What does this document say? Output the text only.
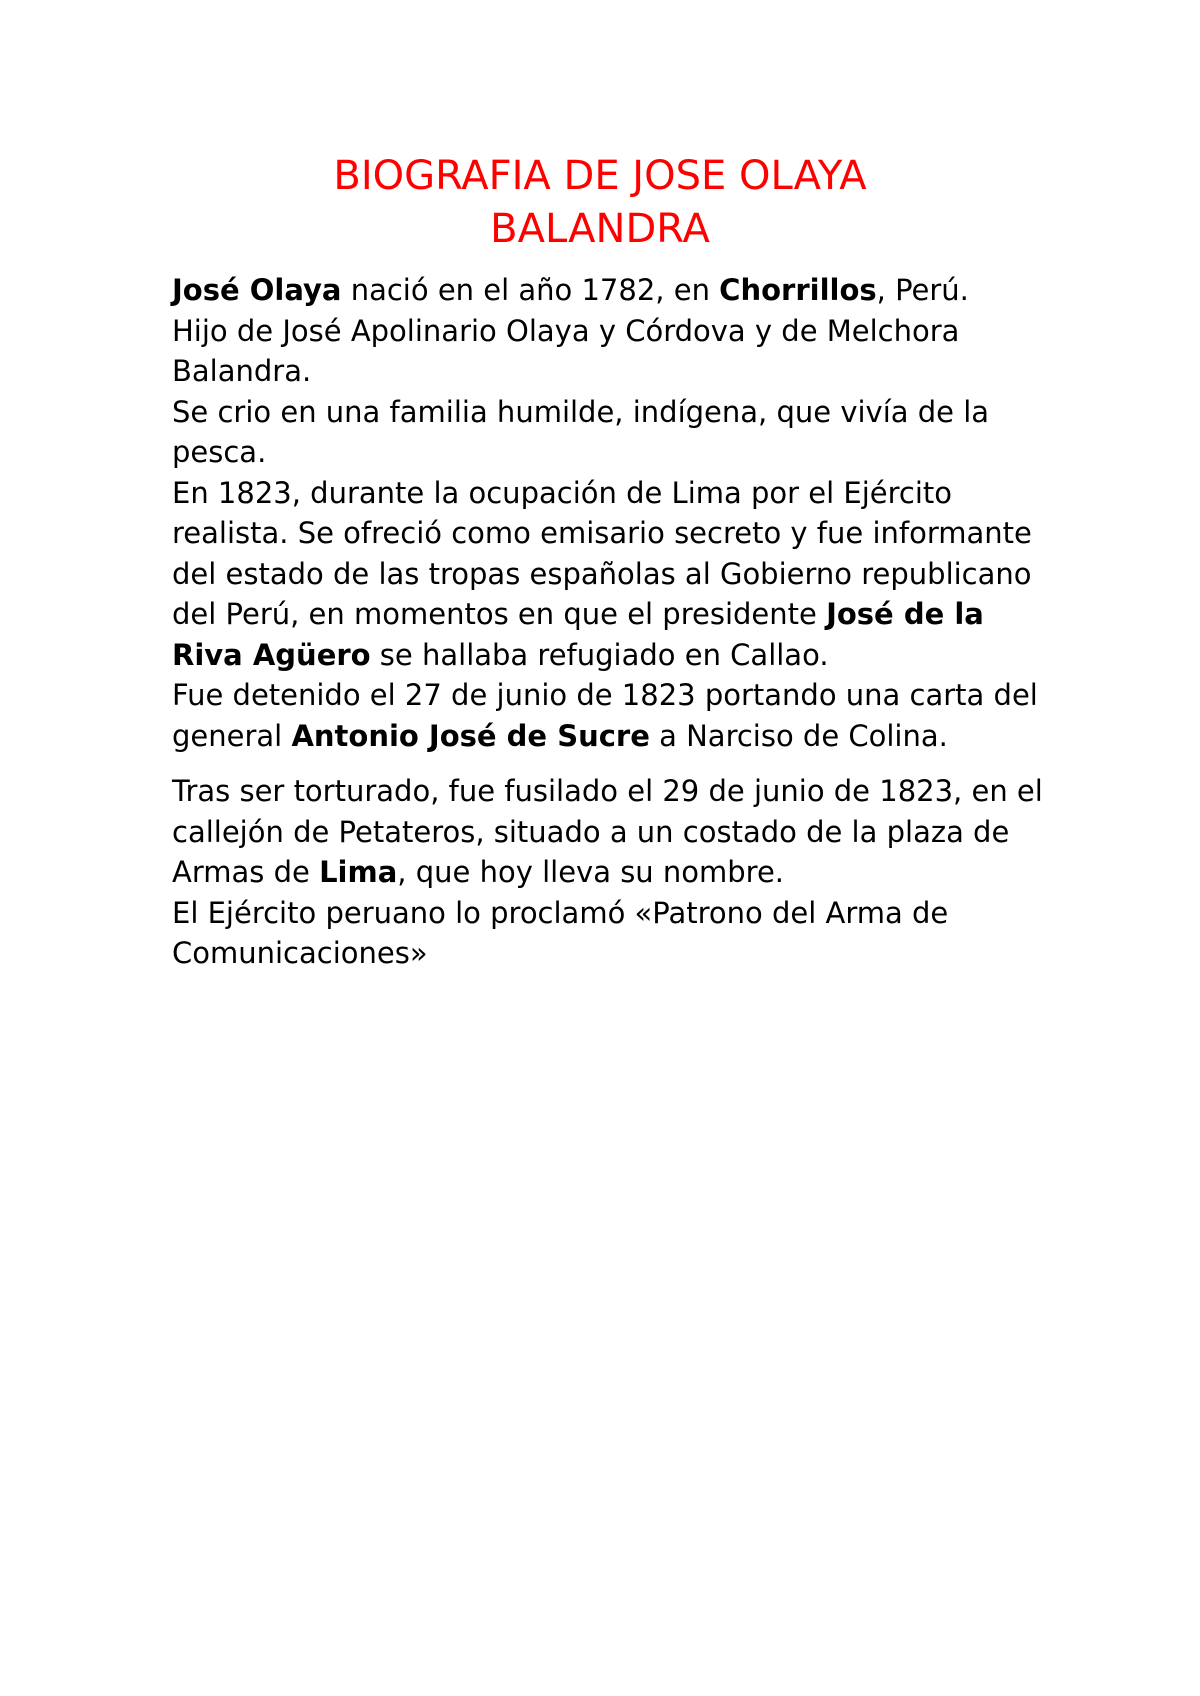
BIOGRAFIA DE JOSE OLAYA
BALANDRA
José Olaya nació en el año 1782, en Chorrillos, Perú.
Hijo de José Apolinario Olaya y Córdova y de Melchora Balandra.
Se crio en una familia humilde, indígena, que vivía de la pesca.
En 1823, durante la ocupación de Lima por el Ejército realista. Se ofreció como emisario secreto y fue informante del estado de las tropas españolas al Gobierno republicano del Perú, en momentos en que el presidente José de la Riva Agüero se hallaba refugiado en Callao.
Fue detenido el 27 de junio de 1823 portando una carta del general Antonio José de Sucre a Narciso de Colina.
Tras ser torturado, fue fusilado el 29 de junio de 1823, en el callejón de Petateros, situado a un costado de la plaza de Armas de Lima, que hoy lleva su nombre.
El Ejército peruano lo proclamó «Patrono del Arma de Comunicaciones»
